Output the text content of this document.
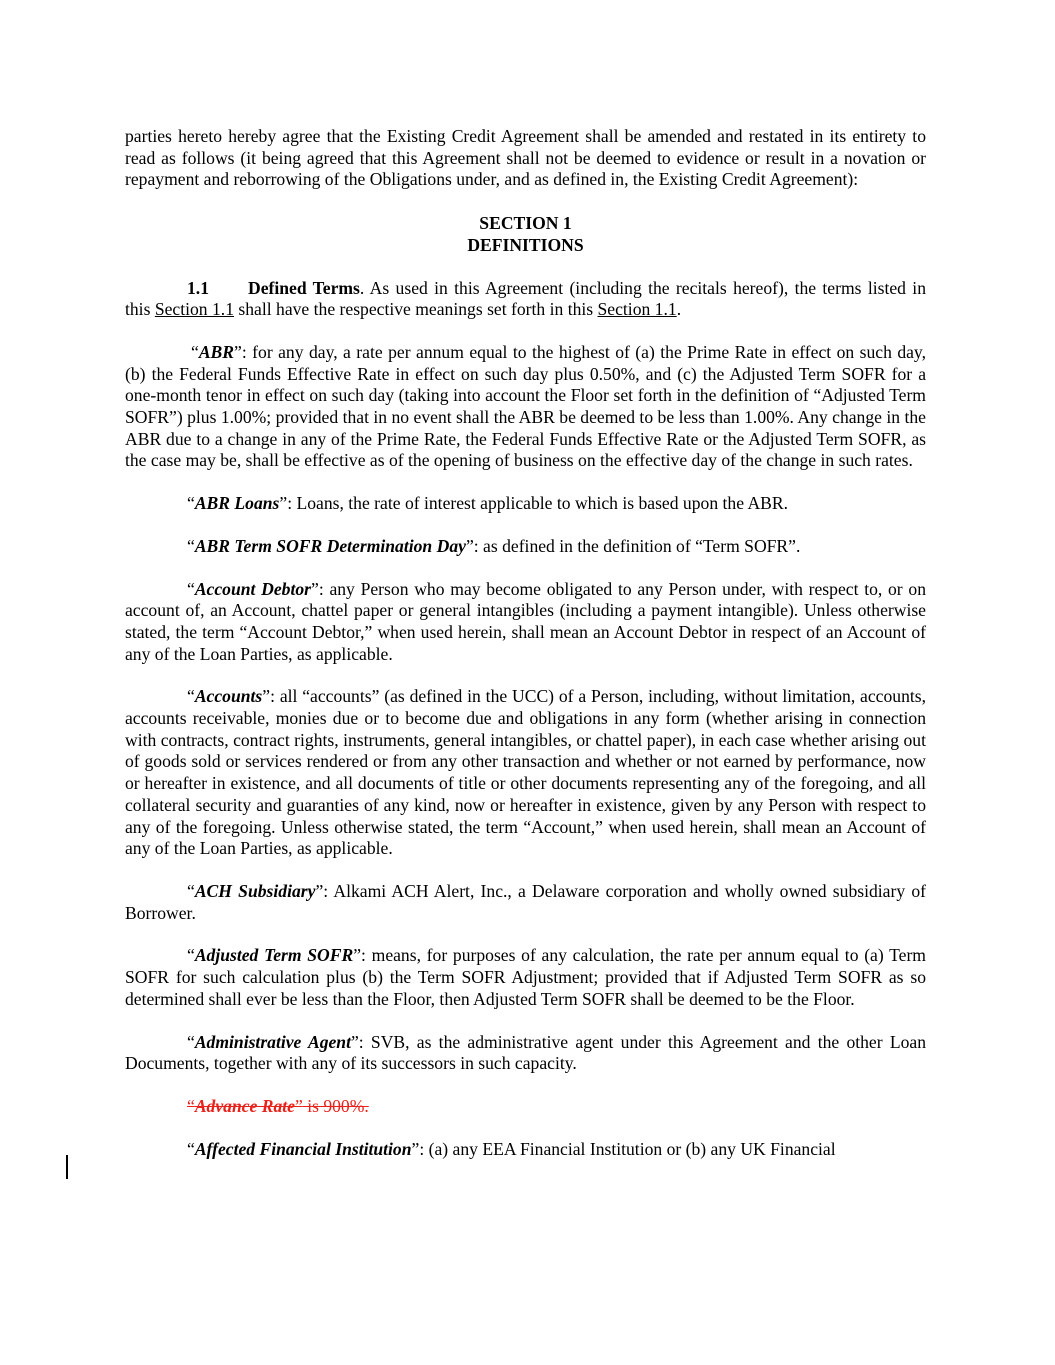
parties hereto hereby agree that the Existing Credit Agreement shall be amended and restated in its entirety to read as follows (it being agreed that this Agreement shall not be deemed to evidence or result in a novation or repayment and reborrowing of the Obligations under, and as defined in, the Existing Credit Agreement):

SECTION 1

DEFINITIONS

1.1 Defined Terms. As used in this Agreement (including the recitals hereof), the terms listed in this Section 1.1 shall have the respective meanings set forth in this Section 1.1.

“ABR”: for any day, a rate per annum equal to the highest of (a) the Prime Rate in effect on such day, (b) the Federal Funds Effective Rate in effect on such day plus 0.50%, and (c) the Adjusted Term SOFR for a one-month tenor in effect on such day (taking into account the Floor set forth in the definition of “Adjusted Term SOFR”) plus 1.00%; provided that in no event shall the ABR be deemed to be less than 1.00%. Any change in the ABR due to a change in any of the Prime Rate, the Federal Funds Effective Rate or the Adjusted Term SOFR, as the case may be, shall be effective as of the opening of business on the effective day of the change in such rates.

“ABR Loans”: Loans, the rate of interest applicable to which is based upon the ABR.

“ABR Term SOFR Determination Day”: as defined in the definition of “Term SOFR”.

“Account Debtor”: any Person who may become obligated to any Person under, with respect to, or on account of, an Account, chattel paper or general intangibles (including a payment intangible). Unless otherwise stated, the term “Account Debtor,” when used herein, shall mean an Account Debtor in respect of an Account of any of the Loan Parties, as applicable.

“Accounts”: all “accounts” (as defined in the UCC) of a Person, including, without limitation, accounts, accounts receivable, monies due or to become due and obligations in any form (whether arising in connection with contracts, contract rights, instruments, general intangibles, or chattel paper), in each case whether arising out of goods sold or services rendered or from any other transaction and whether or not earned by performance, now or hereafter in existence, and all documents of title or other documents representing any of the foregoing, and all collateral security and guaranties of any kind, now or hereafter in existence, given by any Person with respect to any of the foregoing. Unless otherwise stated, the term “Account,” when used herein, shall mean an Account of any of the Loan Parties, as applicable.

“ACH Subsidiary”: Alkami ACH Alert, Inc., a Delaware corporation and wholly owned subsidiary of Borrower.

“Adjusted Term SOFR”: means, for purposes of any calculation, the rate per annum equal to (a) Term SOFR for such calculation plus (b) the Term SOFR Adjustment; provided that if Adjusted Term SOFR as so determined shall ever be less than the Floor, then Adjusted Term SOFR shall be deemed to be the Floor.

“Administrative Agent”: SVB, as the administrative agent under this Agreement and the other Loan Documents, together with any of its successors in such capacity.

“Advance Rate” is 900%.

“Affected Financial Institution”: (a) any EEA Financial Institution or (b) any UK Financial
